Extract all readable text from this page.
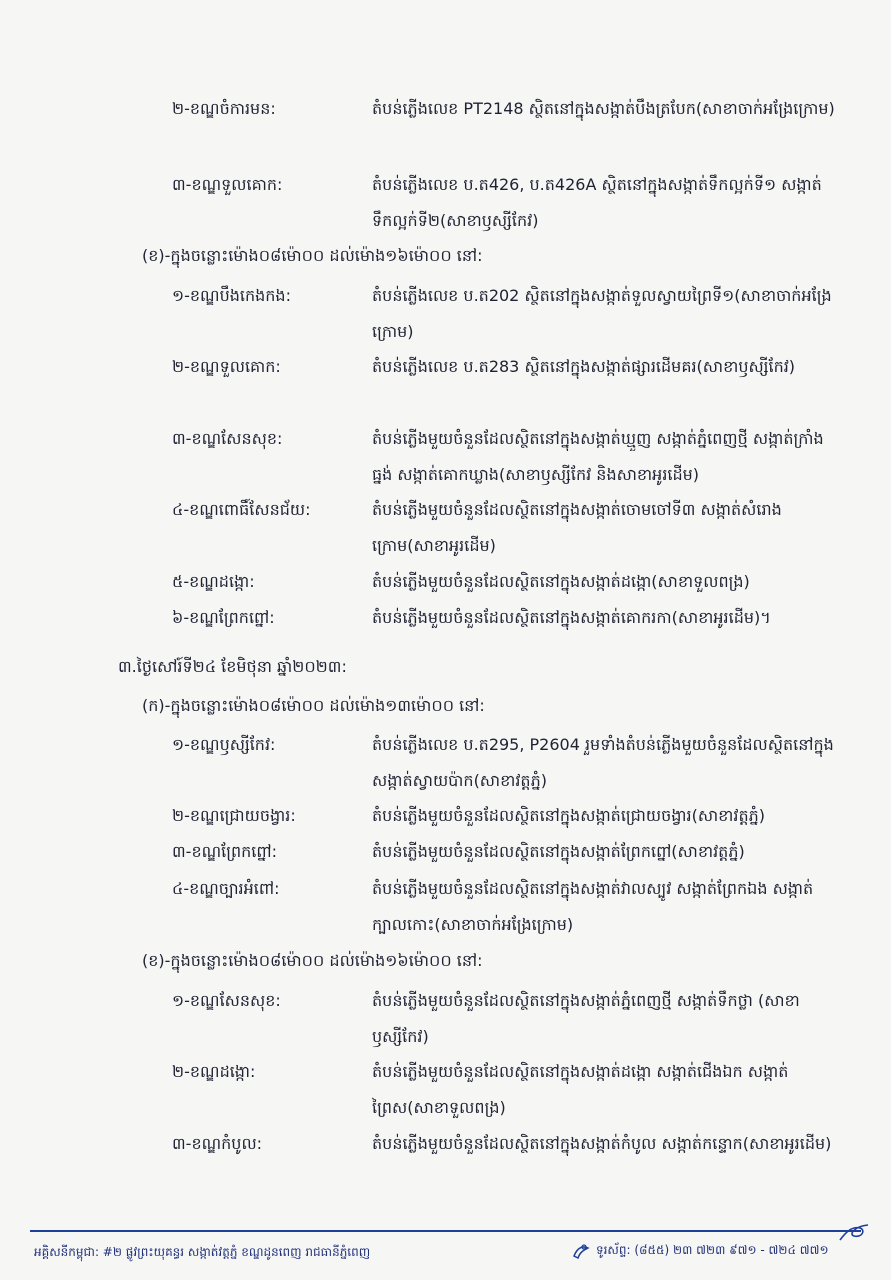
២-ខណ្ឌចំការមន:	តំបន់ភ្លើងលេខ PT2148 ស្ថិតនៅក្នុងសង្កាត់បឹងត្របែក(សាខាចាក់អង្រែក្រោម)
៣-ខណ្ឌទួលគោក:	តំបន់ភ្លើងលេខ ប.ត426, ប.ត426A ស្ថិតនៅក្នុងសង្កាត់ទឹកល្អក់ទី១ សង្កាត់ទឹកល្អក់ទី២(សាខាឫស្សីកែវ)
(ខ)-ក្នុងចន្លោះម៉ោង០៨ម៉ោ០០ ដល់ម៉ោង១៦ម៉ោ០០ នៅ:
១-ខណ្ឌបឹងកេងកង:	តំបន់ភ្លើងលេខ ប.ត202 ស្ថិតនៅក្នុងសង្កាត់ទួលស្វាយព្រៃទី១(សាខាចាក់អង្រែក្រោម)
២-ខណ្ឌទួលគោក:	តំបន់ភ្លើងលេខ ប.ត283 ស្ថិតនៅក្នុងសង្កាត់ផ្សារដើមគរ(សាខាឫស្សីកែវ)
៣-ខណ្ឌសែនសុខ:	តំបន់ភ្លើងមួយចំនួនដែលស្ថិតនៅក្នុងសង្កាត់ឃ្មួញ សង្កាត់ភ្នំពេញថ្មី សង្កាត់ក្រាំងធ្នង់ សង្កាត់គោកឃ្លាង(សាខាឫស្សីកែវ និងសាខាអូរដើម)
៤-ខណ្ឌពោធិ៍សែនជ័យ:	តំបន់ភ្លើងមួយចំនួនដែលស្ថិតនៅក្នុងសង្កាត់ចោមចៅទី៣ សង្កាត់សំរោងក្រោម(សាខាអូរដើម)
៥-ខណ្ឌដង្កោ:	តំបន់ភ្លើងមួយចំនួនដែលស្ថិតនៅក្នុងសង្កាត់ដង្កោ(សាខាទួលពង្រ)
៦-ខណ្ឌព្រែកព្នៅ:	តំបន់ភ្លើងមួយចំនួនដែលស្ថិតនៅក្នុងសង្កាត់គោករកា(សាខាអូរដើម)។
៣.ថ្ងៃសៅរ៍ទី២៤ ខែមិថុនា ឆ្នាំ២០២៣:
(ក)-ក្នុងចន្លោះម៉ោង០៨ម៉ោ០០ ដល់ម៉ោង១៣ម៉ោ០០ នៅ:
១-ខណ្ឌឫស្សីកែវ:	តំបន់ភ្លើងលេខ ប.ត295, P2604 រួមទាំងតំបន់ភ្លើងមួយចំនួនដែលស្ថិតនៅក្នុងសង្កាត់ស្វាយប៉ាក(សាខាវត្តភ្នំ)
២-ខណ្ឌជ្រោយចង្វារ:	តំបន់ភ្លើងមួយចំនួនដែលស្ថិតនៅក្នុងសង្កាត់ជ្រោយចង្វារ(សាខាវត្តភ្នំ)
៣-ខណ្ឌព្រែកព្នៅ:	តំបន់ភ្លើងមួយចំនួនដែលស្ថិតនៅក្នុងសង្កាត់ព្រែកព្នៅ(សាខាវត្តភ្នំ)
៤-ខណ្ឌច្បារអំពៅ:	តំបន់ភ្លើងមួយចំនួនដែលស្ថិតនៅក្នុងសង្កាត់វាលស្បូវ សង្កាត់ព្រែកឯង សង្កាត់ក្បាលកោះ(សាខាចាក់អង្រែក្រោម)
(ខ)-ក្នុងចន្លោះម៉ោង០៨ម៉ោ០០ ដល់ម៉ោង១៦ម៉ោ០០ នៅ:
១-ខណ្ឌសែនសុខ:	តំបន់ភ្លើងមួយចំនួនដែលស្ថិតនៅក្នុងសង្កាត់ភ្នំពេញថ្មី សង្កាត់ទឹកថ្លា (សាខាឫស្សីកែវ)
២-ខណ្ឌដង្កោ:	តំបន់ភ្លើងមួយចំនួនដែលស្ថិតនៅក្នុងសង្កាត់ដង្កោ សង្កាត់ជើងឯក សង្កាត់ព្រៃស(សាខាទួលពង្រ)
៣-ខណ្ឌកំបូល:	តំបន់ភ្លើងមួយចំនួនដែលស្ថិតនៅក្នុងសង្កាត់កំបូល សង្កាត់កន្ទោក(សាខាអូរដើម)
អគ្គិសនីកម្ពុជា: #២ ផ្លូវព្រះយុគន្ធរ សង្កាត់វត្តភ្នំ ខណ្ឌដូនពេញ រាជធានីភ្នំពេញ	ទូរស័ព្ទ: (៨៥៥) ២៣ ៧២៣ ៩៧១ - ៧២៤ ៧៧១
